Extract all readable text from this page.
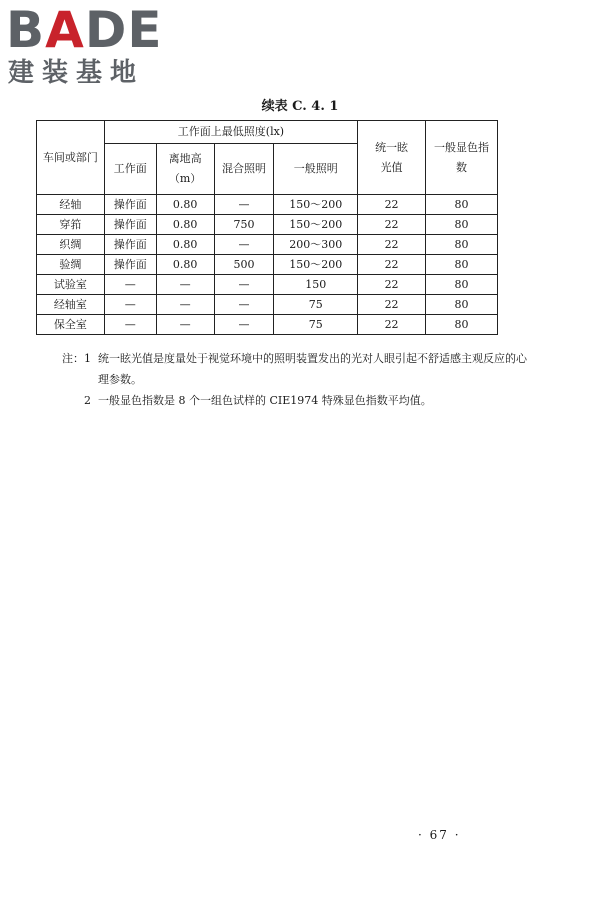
BADE
建装基地
续表 C. 4. 1
车间或部门	工作面上最低照度(lx)				统一眩光值	一般显色指数

	工作面	离地高（m）	混合照明	一般照明		
经轴	操作面	0.80	—	150～200	22	80
穿筘	操作面	0.80	750	150～200	22	80
织绸	操作面	0.80	—	200～300	22	80
验绸	操作面	0.80	500	150～200	22	80
试验室	—	—	—	150	22	80
经轴室	—	—	—	75	22	80
保全室	—	—	—	75	22	80
注：1 统一眩光值是度量处于视觉环境中的照明装置发出的光对人眼引起不舒适感主观反应的心理参数。
2 一般显色指数是 8 个一组色试样的 CIE1974 特殊显色指数平均值。
· 67 ·
